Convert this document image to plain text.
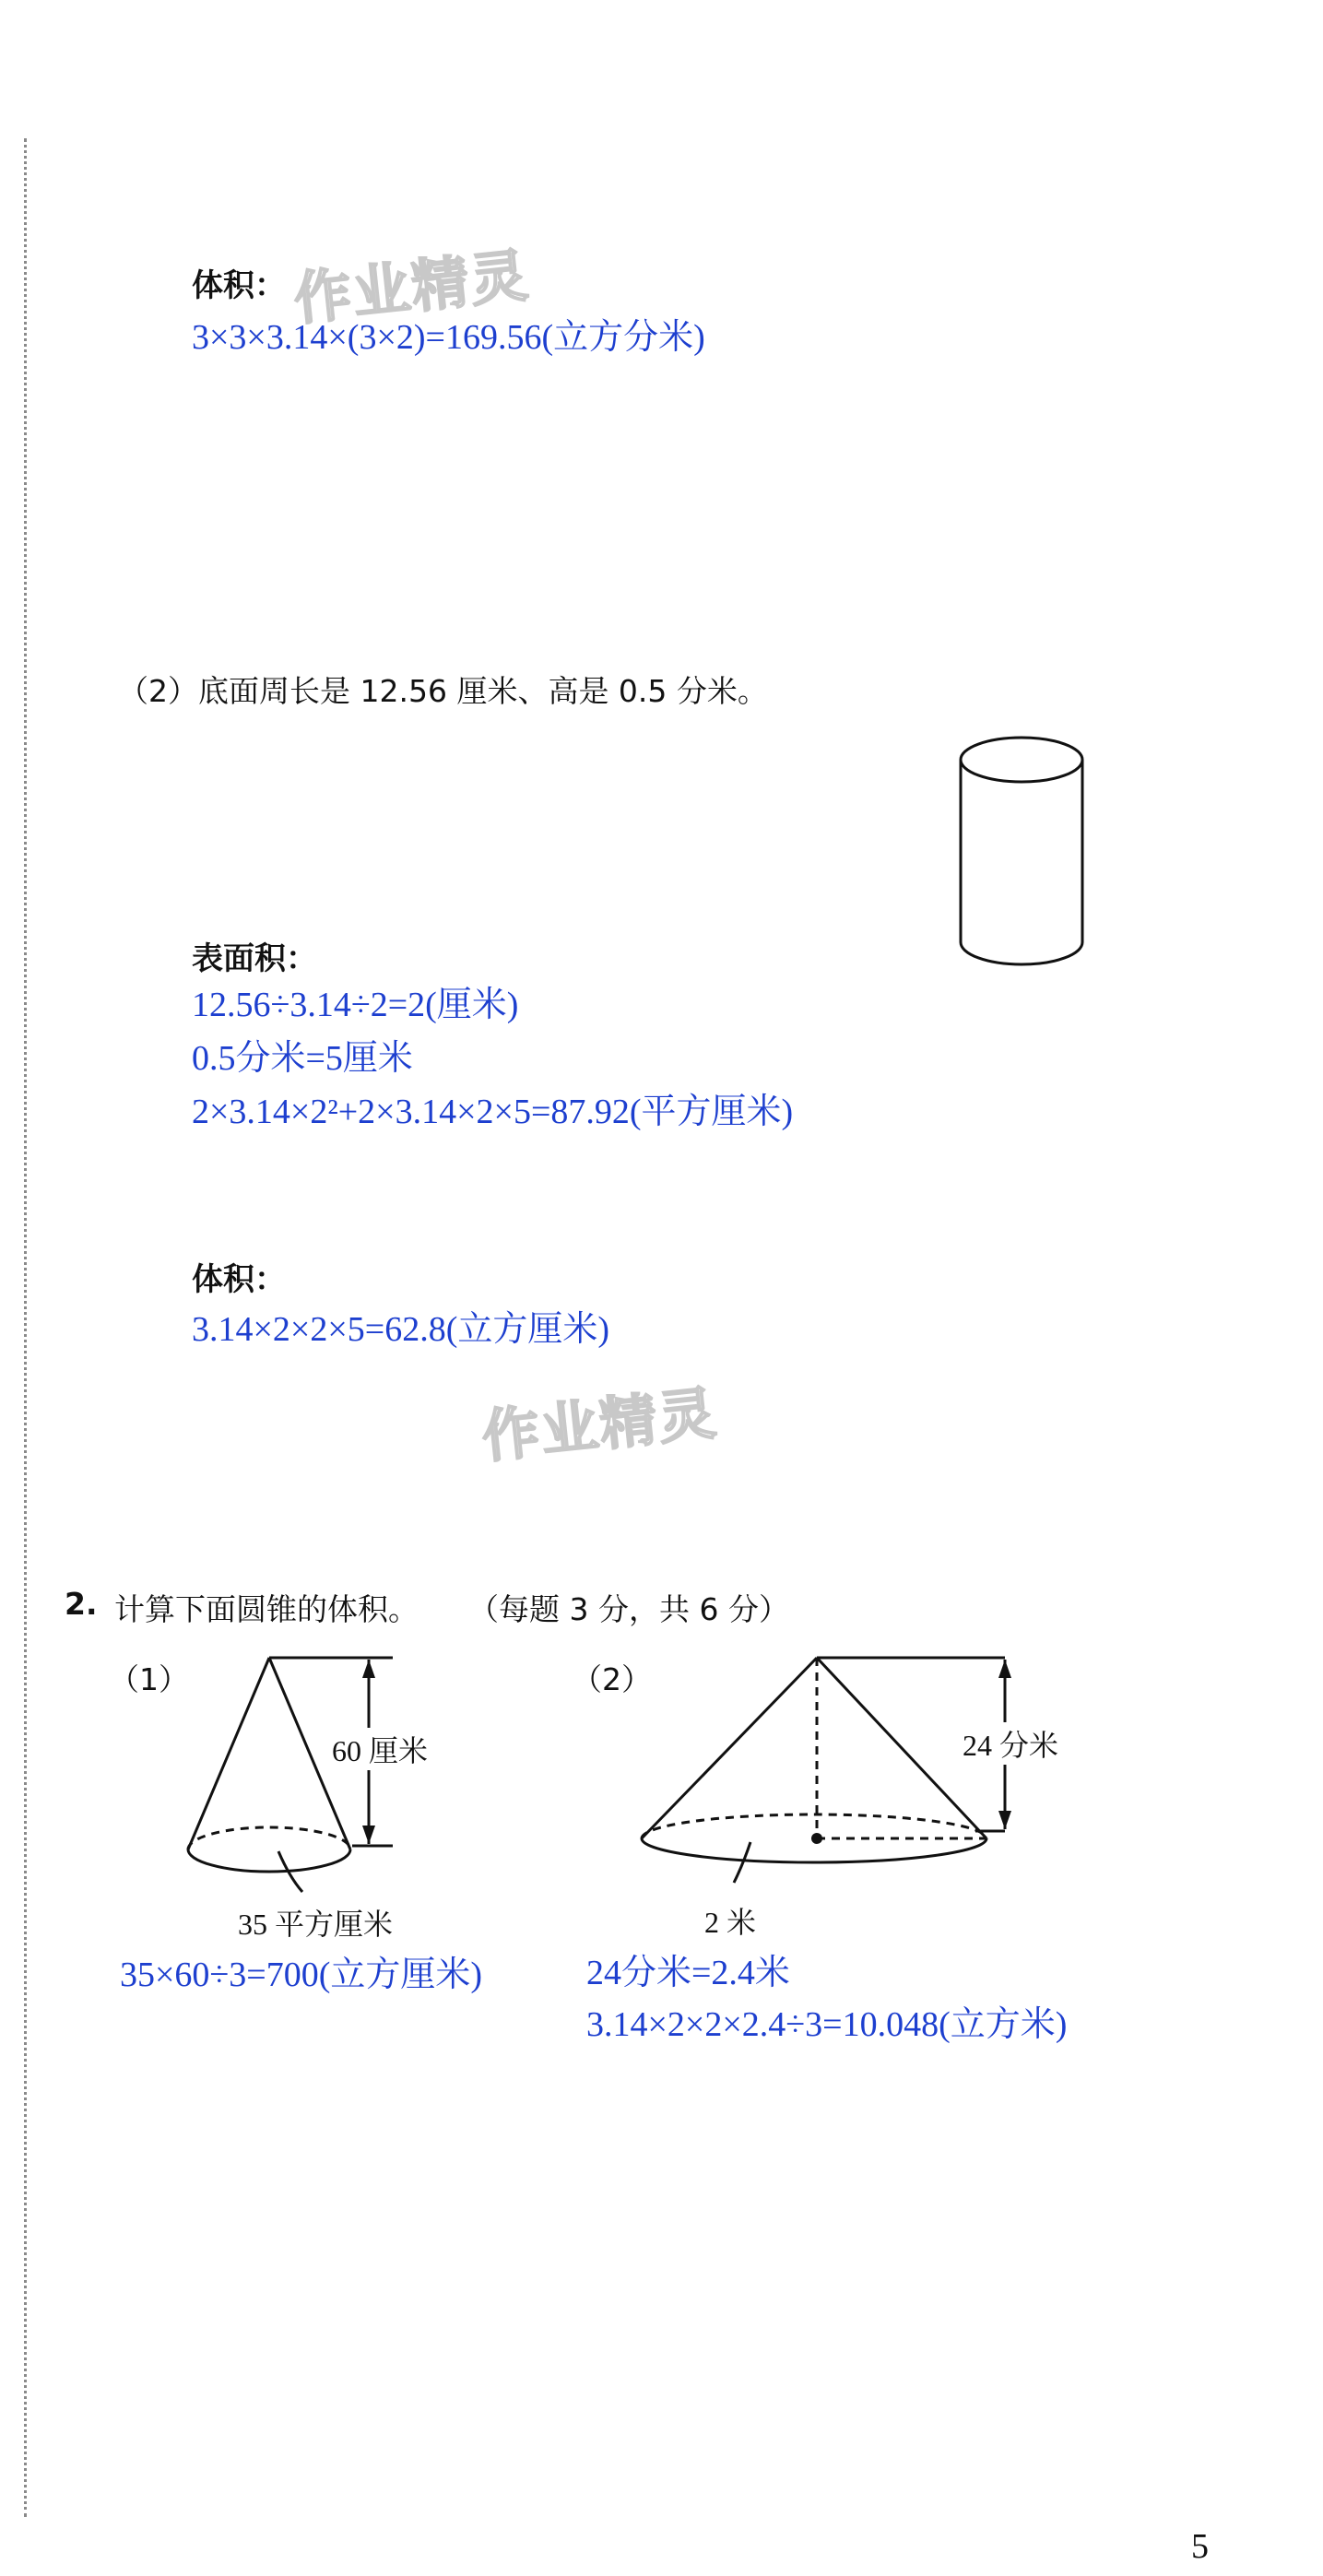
体积： 作业精灵
3×3×3.14×(3×2)=169.56(立方分米)
（2）底面周长是 12.56 厘米、高是 0.5 分米。
表面积：
12.56÷3.14÷2=2(厘米)
0.5分米=5厘米
2×3.14×2²+2×3.14×2×5=87.92(平方厘米)
体积：
3.14×2×2×5=62.8(立方厘米)
作业精灵
2. 计算下面圆锥的体积。 （每题 3 分，共 6 分）
（1）
60 厘米
35 平方厘米
35×60÷3=700(立方厘米)
（2）
24 分米
2 米
24分米=2.4米
3.14×2×2×2.4÷3=10.048(立方米)
5
